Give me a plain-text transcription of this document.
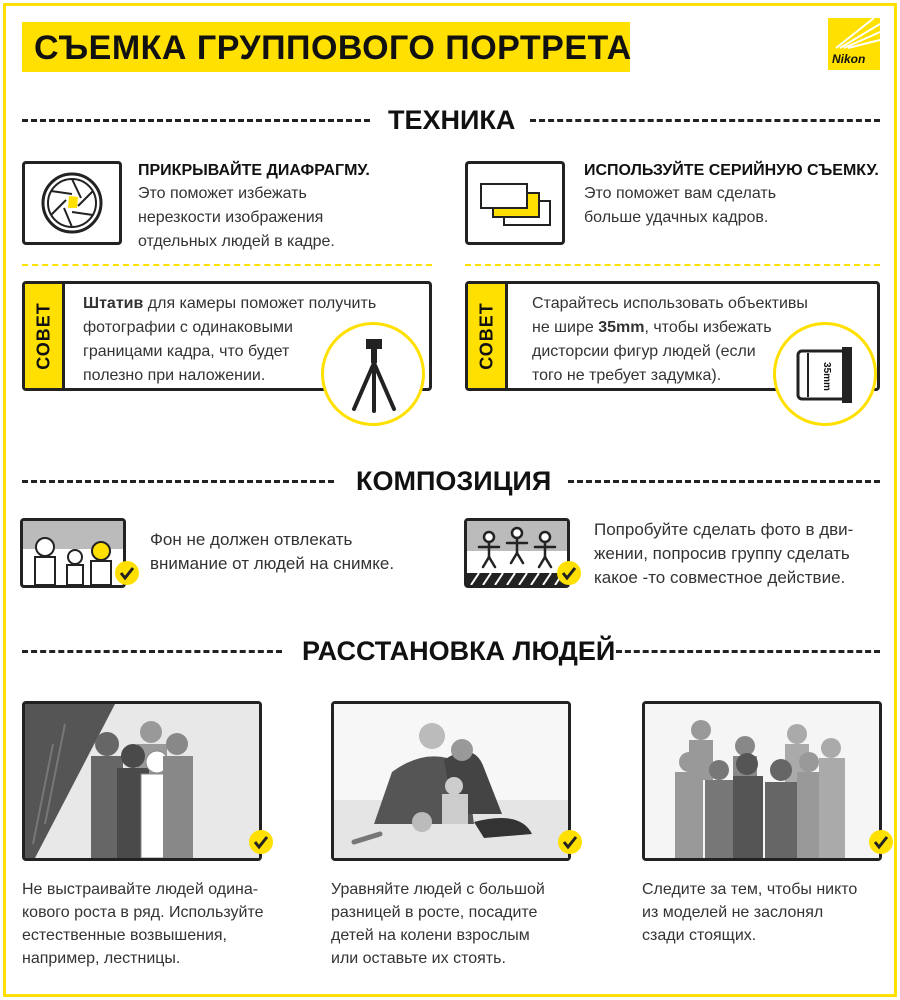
СЪЕМКА ГРУППОВОГО ПОРТРЕТА	Nikon
ТЕХНИКА
ПРИКРЫВАЙТЕ ДИАФРАГМУ.
Это поможет избежать
нерезкости изображения
отдельных людей в кадре.
ИСПОЛЬЗУЙТЕ СЕРИЙНУЮ СЪЕМКУ.
Это поможет вам сделать
больше удачных кадров.
СОВЕТ Штатив для камеры поможет получить
фотографии с одинаковыми
границами кадра, что будет
полезно при наложении.
СОВЕТ Старайтесь использовать объективы
не шире 35mm, чтобы избежать
дисторсии фигур людей (если
того не требует задумка).	35mm
КОМПОЗИЦИЯ
Фон не должен отвлекать
внимание от людей на снимке.
Попробуйте сделать фото в дви-
жении, попросив группу сделать
какое -то совместное действие.
РАССТАНОВКА ЛЮДЕЙ
Не выстраивайте людей одина-
кового роста в ряд. Используйте
естественные возвышения,
например, лестницы.
Уравняйте людей с большой
разницей в росте, посадите
детей на колени взрослым
или оставьте их стоять.
Следите за тем, чтобы никто
из моделей не заслонял
сзади стоящих.
